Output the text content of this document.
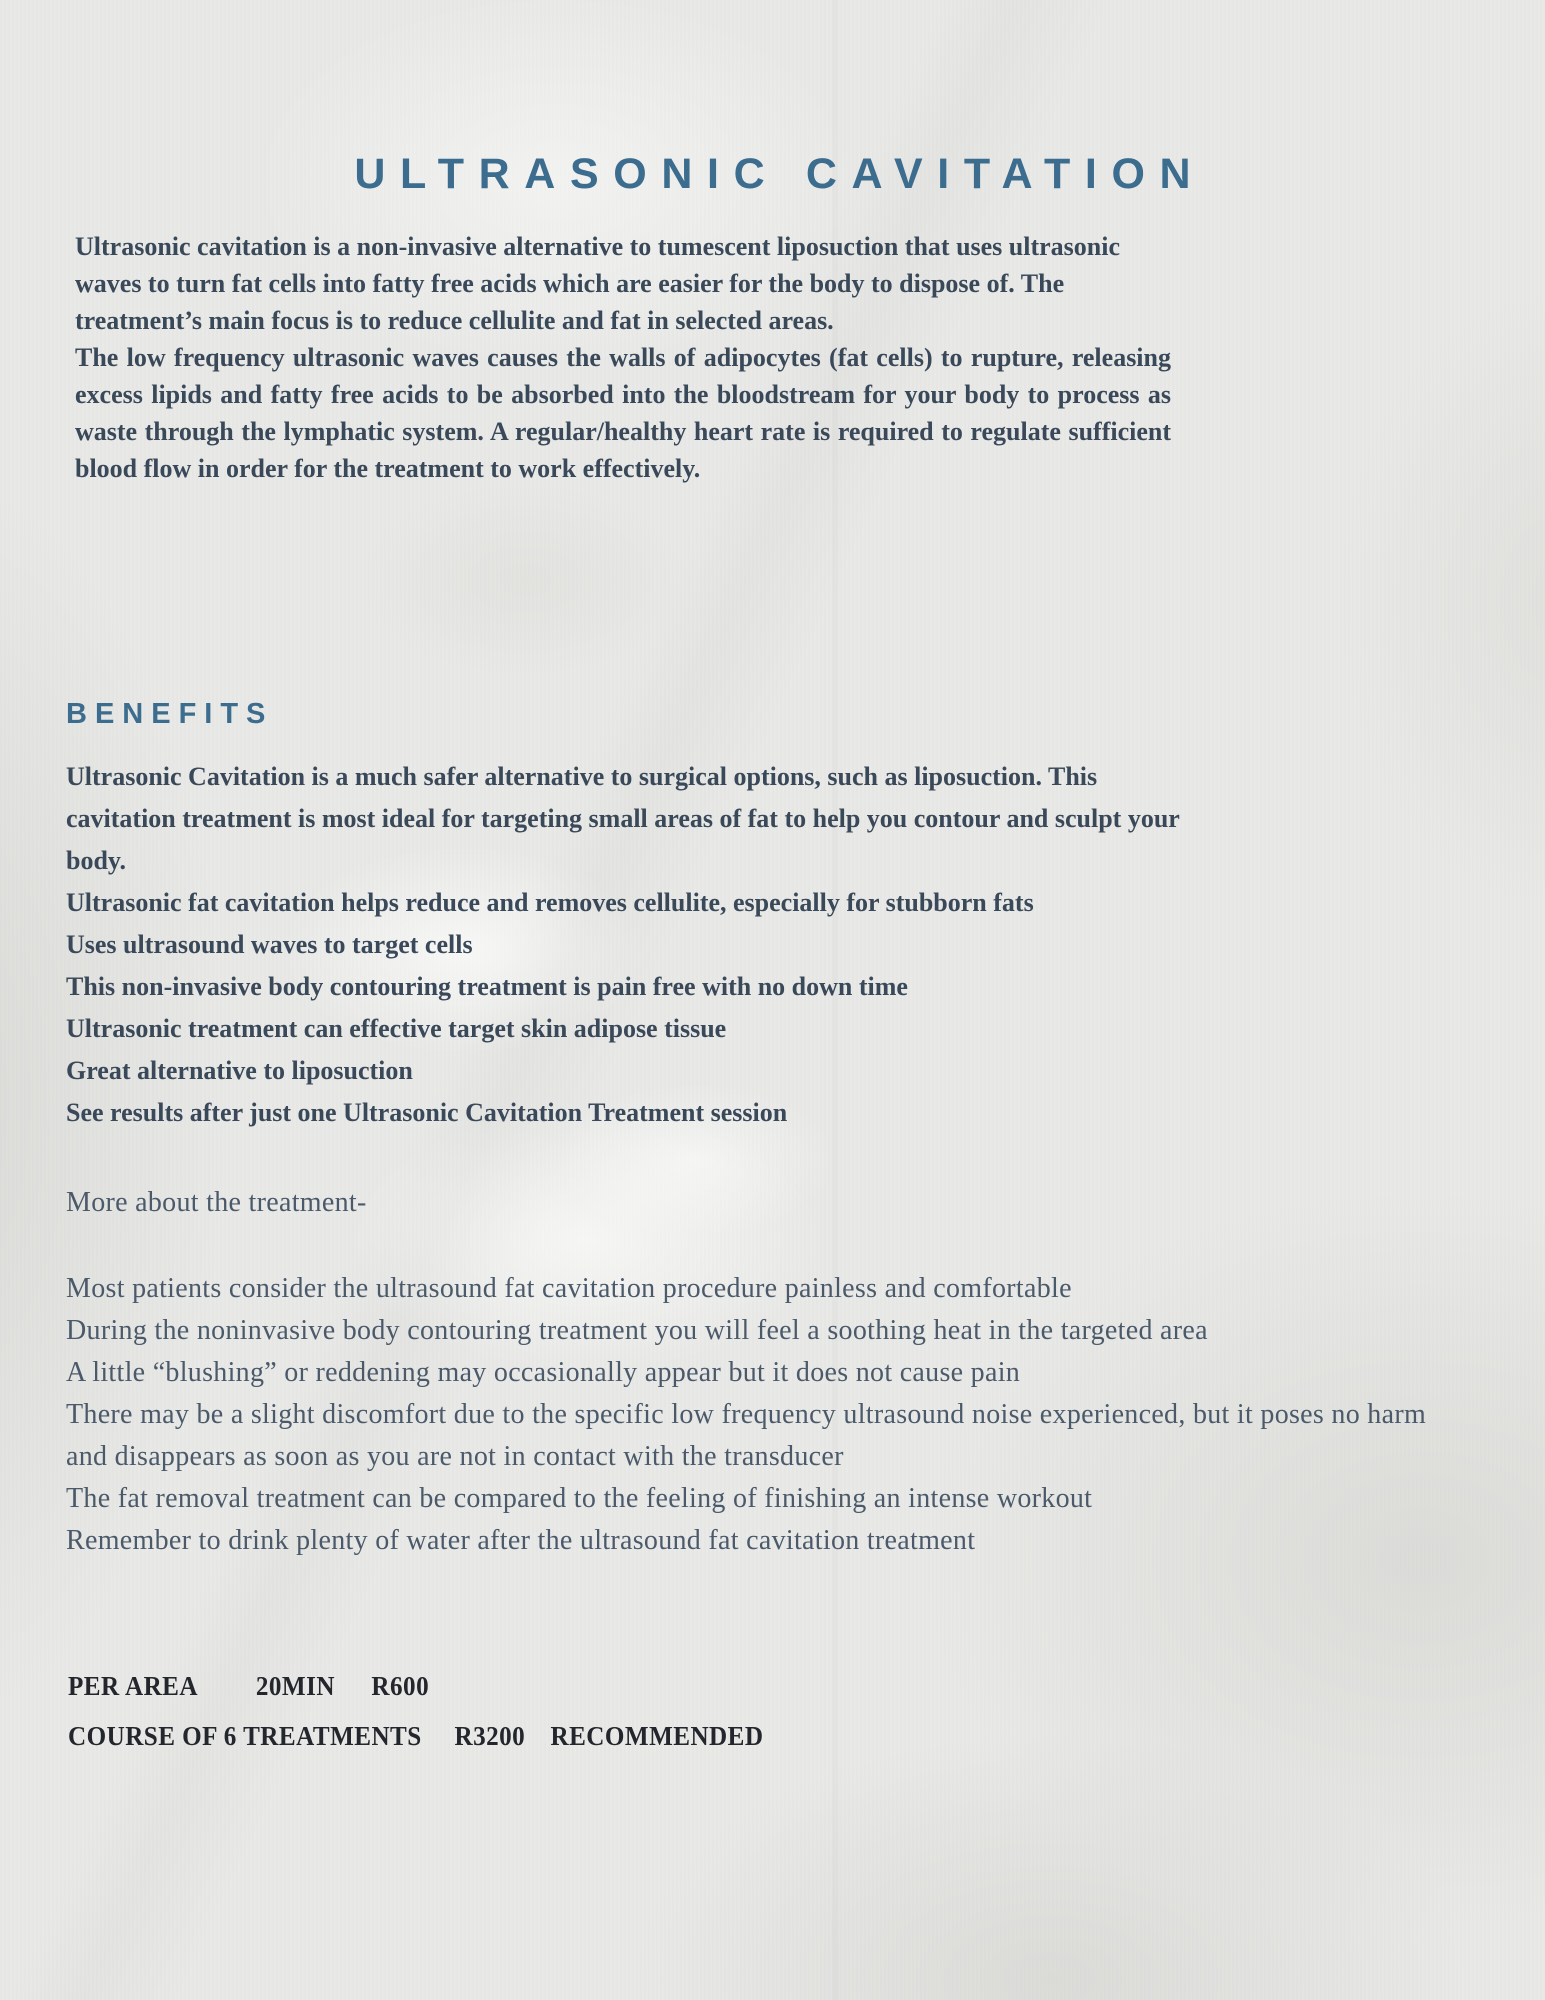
ULTRASONIC CAVITATION

Ultrasonic cavitation is a non-invasive alternative to tumescent liposuction that uses ultrasonic waves to turn fat cells into fatty free acids which are easier for the body to dispose of. The treatment’s main focus is to reduce cellulite and fat in selected areas.

The low frequency ultrasonic waves causes the walls of adipocytes (fat cells) to rupture, releasing excess lipids and fatty free acids to be absorbed into the bloodstream for your body to process as waste through the lymphatic system. A regular/healthy heart rate is required to regulate sufficient blood flow in order for the treatment to work effectively.

BENEFITS

Ultrasonic Cavitation is a much safer alternative to surgical options, such as liposuction. This cavitation treatment is most ideal for targeting small areas of fat to help you contour and sculpt your body.

Ultrasonic fat cavitation helps reduce and removes cellulite, especially for stubborn fats

Uses ultrasound waves to target cells

This non-invasive body contouring treatment is pain free with no down time

Ultrasonic treatment can effective target skin adipose tissue

Great alternative to liposuction

See results after just one Ultrasonic Cavitation Treatment session

More about the treatment-

Most patients consider the ultrasound fat cavitation procedure painless and comfortable

During the noninvasive body contouring treatment you will feel a soothing heat in the targeted area

A little “blushing” or reddening may occasionally appear but it does not cause pain

There may be a slight discomfort due to the specific low frequency ultrasound noise experienced, but it poses no harm and disappears as soon as you are not in contact with the transducer

The fat removal treatment can be compared to the feeling of finishing an intense workout

Remember to drink plenty of water after the ultrasound fat cavitation treatment

PER AREA 20MIN R600

COURSE OF 6 TREATMENTS R3200 RECOMMENDED
